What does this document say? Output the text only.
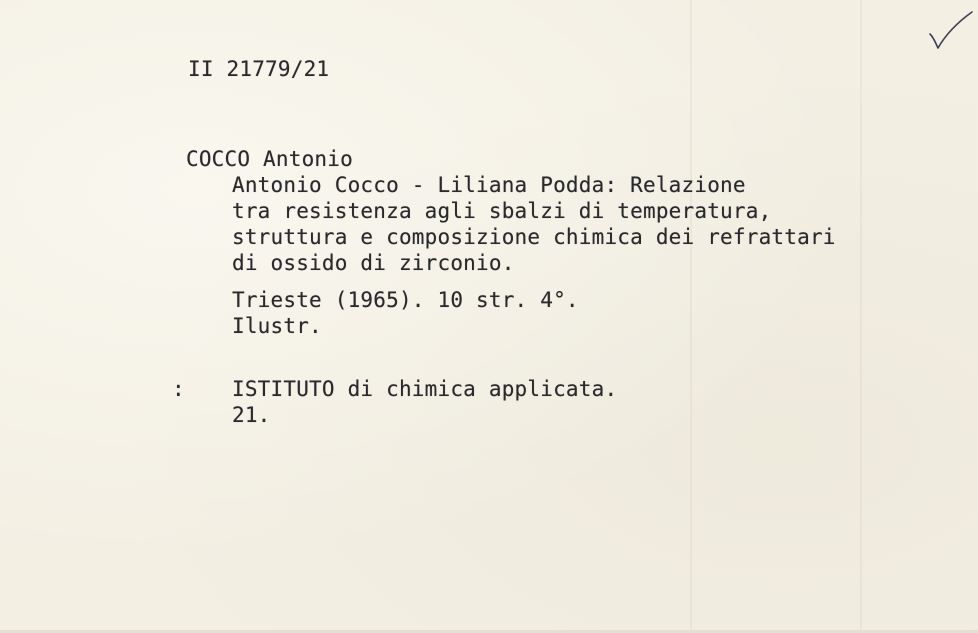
II 21779/21
COCCO Antonio
Antonio Cocco - Liliana Podda: Relazione
tra resistenza agli sbalzi di temperatura,
struttura e composizione chimica dei refrattari
di ossido di zirconio.
Trieste (1965). 10 str. 4°.
Ilustr.
: ISTITUTO di chimica applicata.
21.
